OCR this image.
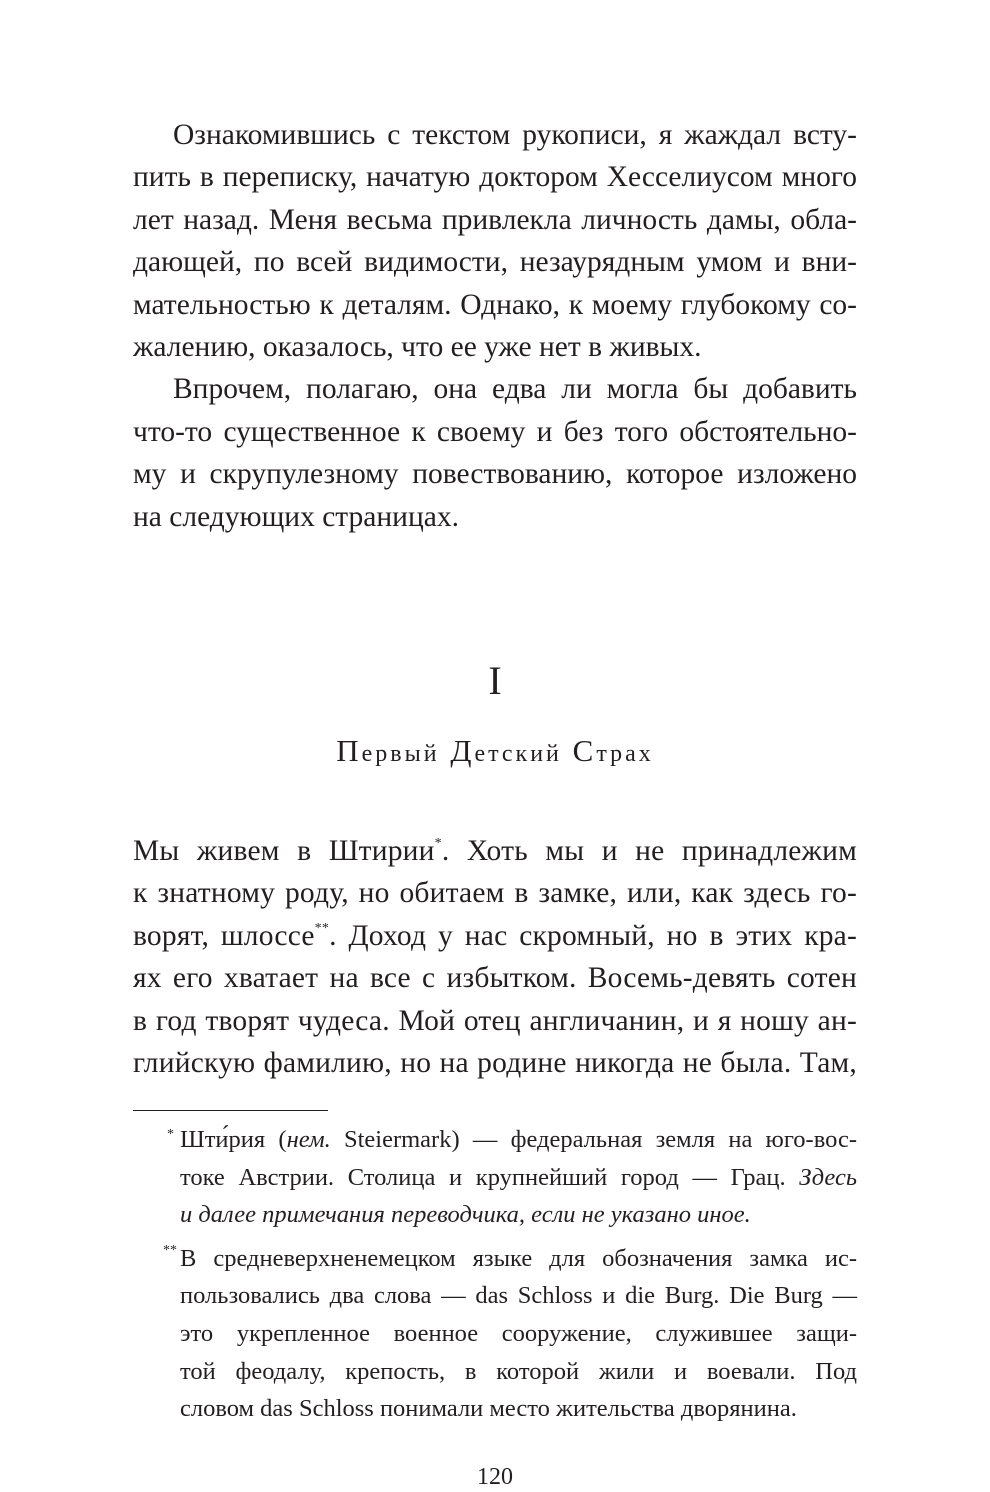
Ознакомившись с текстом рукописи, я жаждал всту-
пить в переписку, начатую доктором Хесселиусом много
лет назад. Меня весьма привлекла личность дамы, обла-
дающей, по всей видимости, незаурядным умом и вни-
мательностью к деталям. Однако, к моему глубокому со-
жалению, оказалось, что ее уже нет в живых.
Впрочем, полагаю, она едва ли могла бы добавить
что-то существенное к своему и без того обстоятельно-
му и скрупулезному повествованию, которое изложено
на следующих страницах.
I
Первый Детский Страх
Мы живем в Штирии*. Хоть мы и не принадлежим
к знатному роду, но обитаем в замке, или, как здесь го-
ворят, шлоссе**. Доход у нас скромный, но в этих кра-
ях его хватает на все с избытком. Восемь-девять сотен
в год творят чудеса. Мой отец англичанин, и я ношу ан-
глийскую фамилию, но на родине никогда не была. Там,
*
**
Шти́рия (нем. Steiermark) — федеральная земля на юго-вос-
токе Австрии. Столица и крупнейший город — Грац. Здесь
и далее примечания переводчика, если не указано иное.
В средневерхненемецком языке для обозначения замка ис-
пользовались два слова — das Schloss и die Burg. Die Burg —
это укрепленное военное сооружение, служившее защи-
той феодалу, крепость, в которой жили и воевали. Под
словом das Schloss понимали место жительства дворянина.
120
